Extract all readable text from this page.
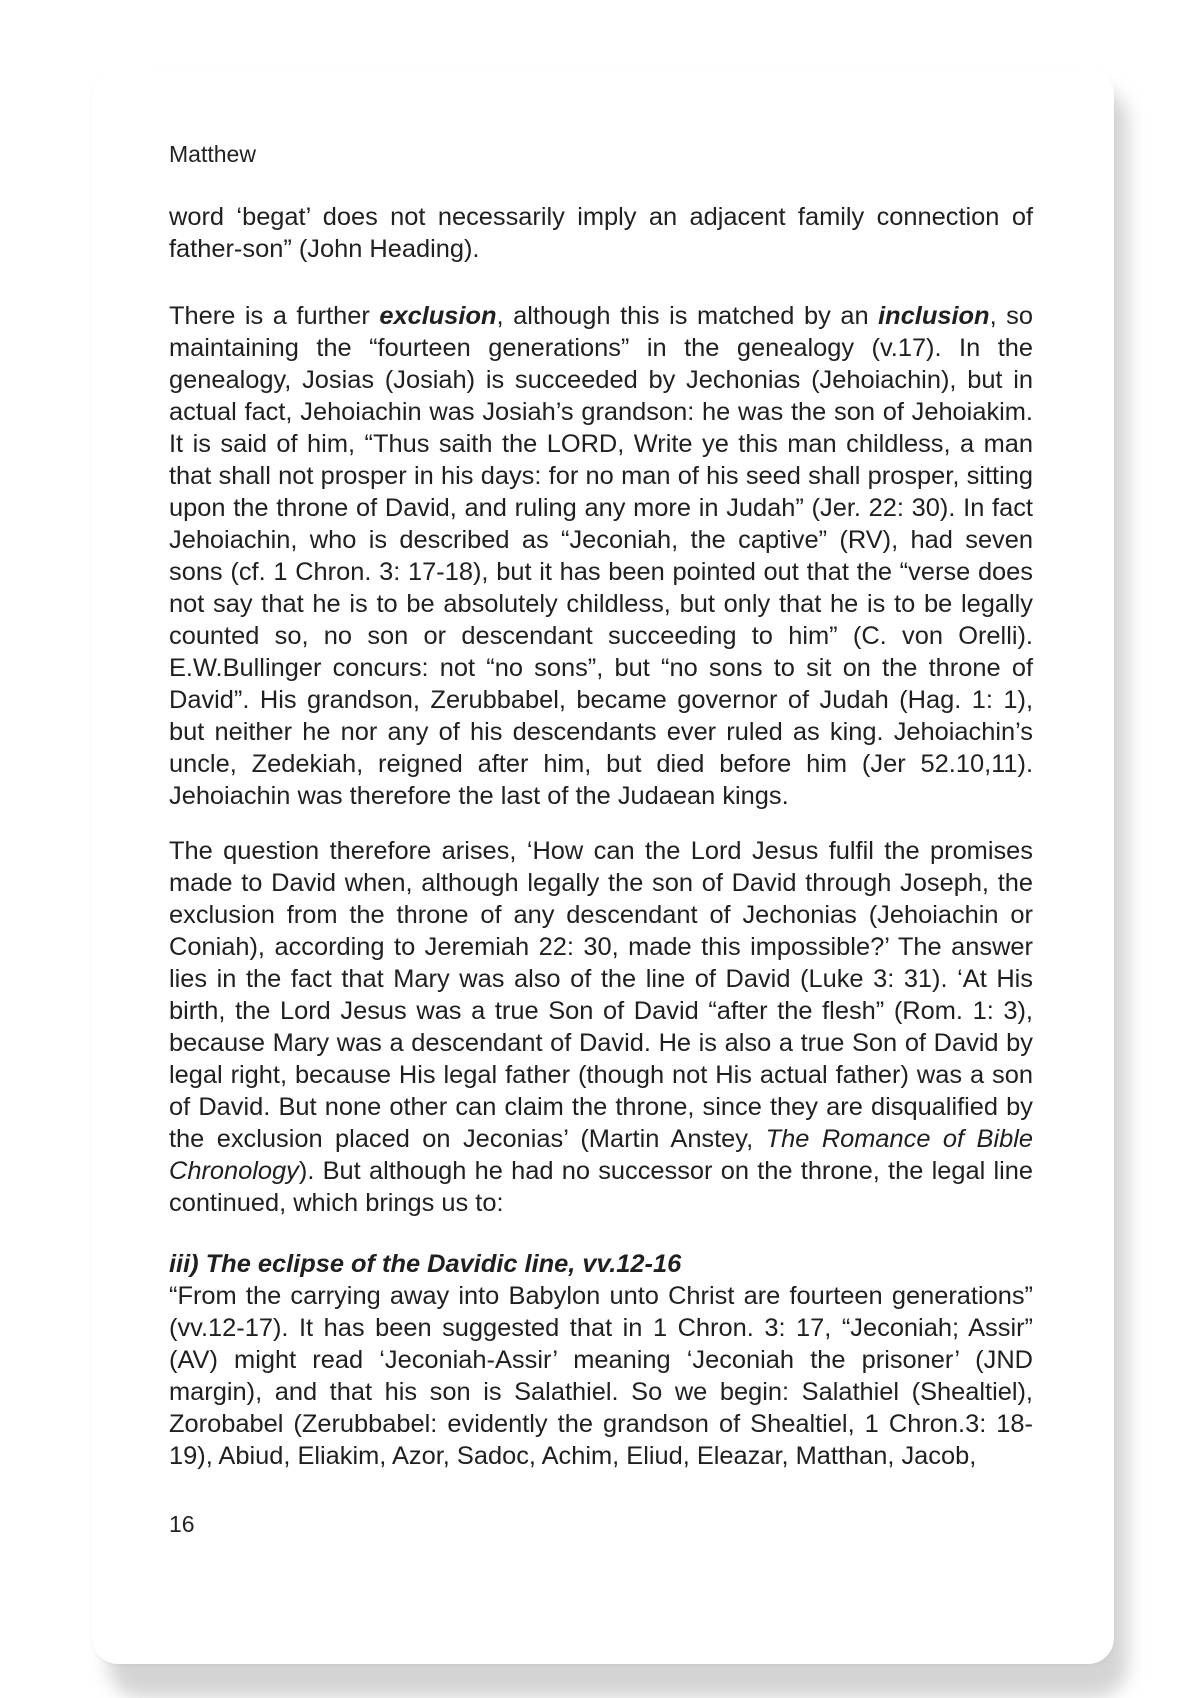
Matthew

word ‘begat’ does not necessarily imply an adjacent family connection of father-son” (John Heading).

There is a further exclusion, although this is matched by an inclusion, so maintaining the “fourteen generations” in the genealogy (v.17). In the genealogy, Josias (Josiah) is succeeded by Jechonias (Jehoiachin), but in actual fact, Jehoiachin was Josiah’s grandson: he was the son of Jehoiakim. It is said of him, “Thus saith the LORD, Write ye this man childless, a man that shall not prosper in his days: for no man of his seed shall prosper, sitting upon the throne of David, and ruling any more in Judah” (Jer. 22: 30). In fact Jehoiachin, who is described as “Jeconiah, the captive” (RV), had seven sons (cf. 1 Chron. 3: 17-18), but it has been pointed out that the “verse does not say that he is to be absolutely childless, but only that he is to be legally counted so, no son or descendant succeeding to him” (C. von Orelli). E.W.Bullinger concurs: not “no sons”, but “no sons to sit on the throne of David”. His grandson, Zerubbabel, became governor of Judah (Hag. 1: 1), but neither he nor any of his descendants ever ruled as king. Jehoiachin’s uncle, Zedekiah, reigned after him, but died before him (Jer 52.10,11). Jehoiachin was therefore the last of the Judaean kings.

The question therefore arises, ‘How can the Lord Jesus fulfil the promises made to David when, although legally the son of David through Joseph, the exclusion from the throne of any descendant of Jechonias (Jehoiachin or Coniah), according to Jeremiah 22: 30, made this impossible?’ The answer lies in the fact that Mary was also of the line of David (Luke 3: 31). ‘At His birth, the Lord Jesus was a true Son of David “after the flesh” (Rom. 1: 3), because Mary was a descendant of David. He is also a true Son of David by legal right, because His legal father (though not His actual father) was a son of David. But none other can claim the throne, since they are disqualified by the exclusion placed on Jeconias’ (Martin Anstey, The Romance of Bible Chronology). But although he had no successor on the throne, the legal line continued, which brings us to:

iii) The eclipse of the Davidic line, vv.12-16

“From the carrying away into Babylon unto Christ are fourteen generations” (vv.12-17). It has been suggested that in 1 Chron. 3: 17, “Jeconiah; Assir” (AV) might read ‘Jeconiah-Assir’ meaning ‘Jeconiah the prisoner’ (JND margin), and that his son is Salathiel. So we begin: Salathiel (Shealtiel), Zorobabel (Zerubbabel: evidently the grandson of Shealtiel, 1 Chron.3: 18-19), Abiud, Eliakim, Azor, Sadoc, Achim, Eliud, Eleazar, Matthan, Jacob,

16
